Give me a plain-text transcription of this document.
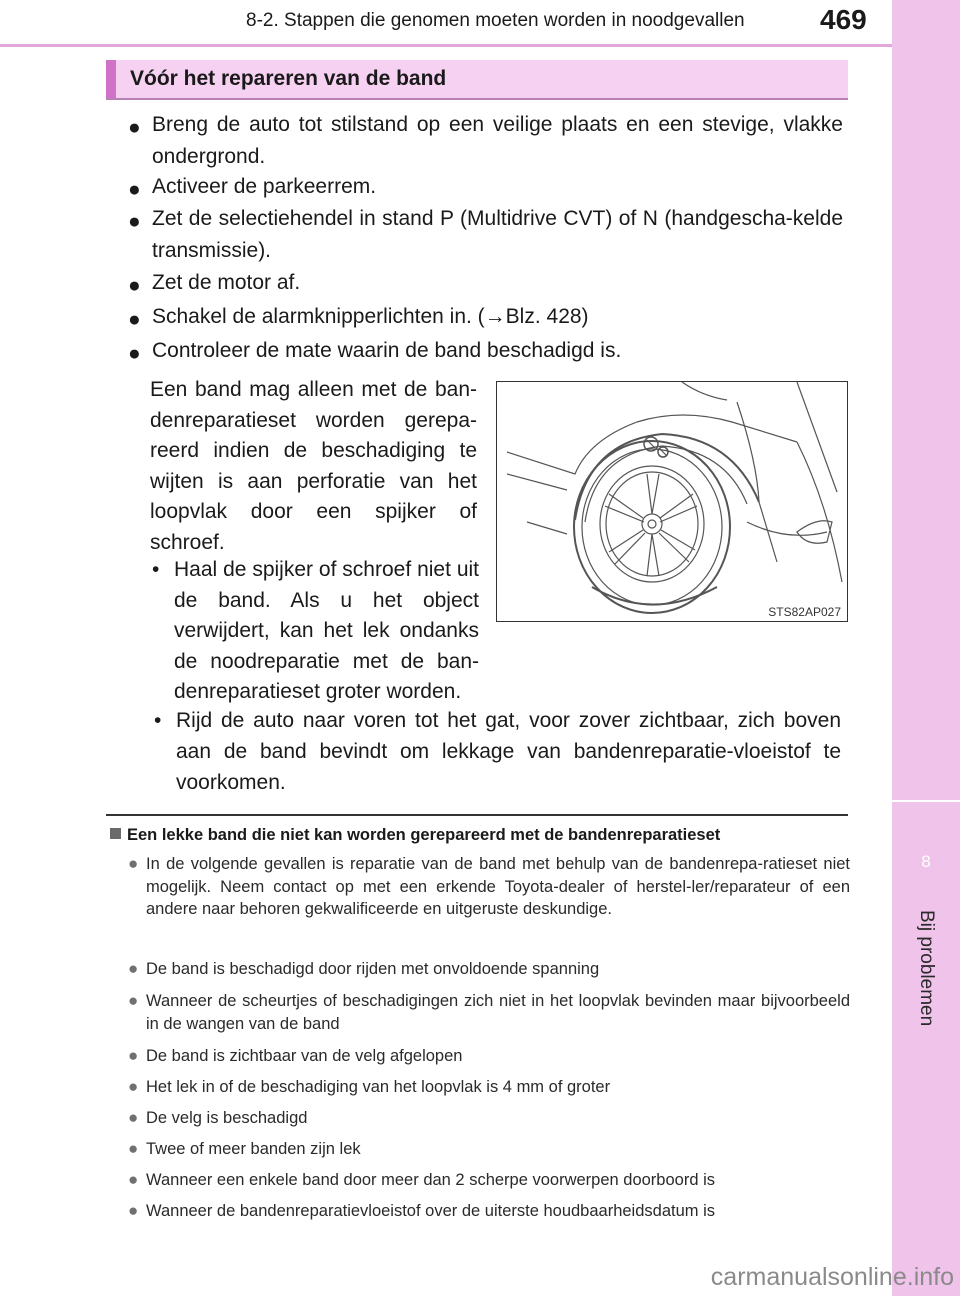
8-2. Stappen die genomen moeten worden in noodgevallen	469
8
Bij problemen
Vóór het repareren van de band
● Breng de auto tot stilstand op een veilige plaats en een stevige, vlakke ondergrond.
● Activeer de parkeerrem.
● Zet de selectiehendel in stand P (Multidrive CVT) of N (handgescha-kelde transmissie).
● Zet de motor af.
● Schakel de alarmknipperlichten in. (→Blz. 428)
● Controleer de mate waarin de band beschadigd is.
Een band mag alleen met de ban-denreparatieset worden gerepa-reerd indien de beschadiging te wijten is aan perforatie van het loopvlak door een spijker of schroef.
• Haal de spijker of schroef niet uit de band. Als u het object verwijdert, kan het lek ondanks de noodreparatie met de ban-denreparatieset groter worden.
• Rijd de auto naar voren tot het gat, voor zover zichtbaar, zich boven aan de band bevindt om lekkage van bandenreparatie-vloeistof te voorkomen.
STS82AP027
Een lekke band die niet kan worden gerepareerd met de bandenreparatieset
● In de volgende gevallen is reparatie van de band met behulp van de bandenrepa-ratieset niet mogelijk. Neem contact op met een erkende Toyota-dealer of herstel-ler/reparateur of een andere naar behoren gekwalificeerde en uitgeruste deskundige.
● De band is beschadigd door rijden met onvoldoende spanning
● Wanneer de scheurtjes of beschadigingen zich niet in het loopvlak bevinden maar bijvoorbeeld in de wangen van de band
● De band is zichtbaar van de velg afgelopen
● Het lek in of de beschadiging van het loopvlak is 4 mm of groter
● De velg is beschadigd
● Twee of meer banden zijn lek
● Wanneer een enkele band door meer dan 2 scherpe voorwerpen doorboord is
● Wanneer de bandenreparatievloeistof over de uiterste houdbaarheidsdatum is
carmanualsonline.info
